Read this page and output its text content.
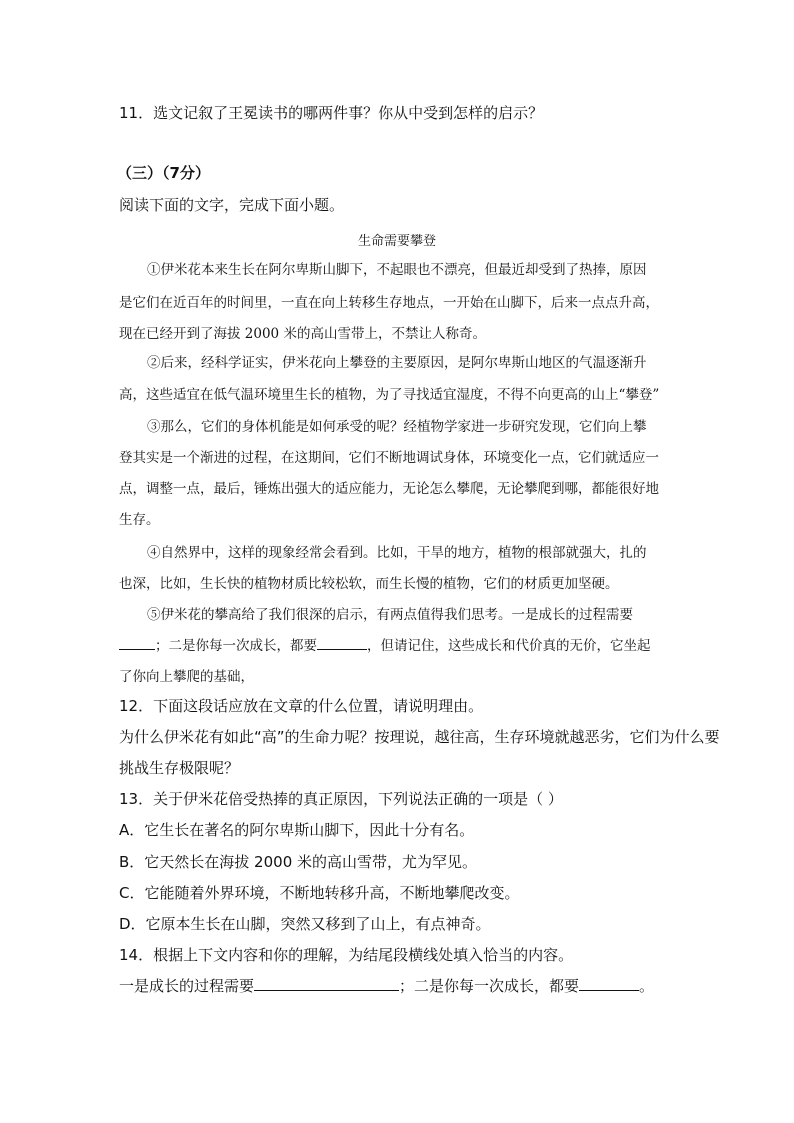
11．选文记叙了王冕读书的哪两件事？你从中受到怎样的启示？
（三）（7分）
阅读下面的文字，完成下面小题。
生命需要攀登
①伊米花本来生长在阿尔卑斯山脚下，不起眼也不漂亮，但最近却受到了热捧，原因
是它们在近百年的时间里，一直在向上转移生存地点，一开始在山脚下，后来一点点升高，
现在已经开到了海拔 2000 米的高山雪带上，不禁让人称奇。
②后来，经科学证实，伊米花向上攀登的主要原因，是阿尔卑斯山地区的气温逐渐升
高，这些适宜在低气温环境里生长的植物，为了寻找适宜湿度，不得不向更高的山上“攀登”
③那么，它们的身体机能是如何承受的呢？经植物学家进一步研究发现，它们向上攀
登其实是一个渐进的过程，在这期间，它们不断地调试身体，环境变化一点，它们就适应一
点，调整一点，最后，锤炼出强大的适应能力，无论怎么攀爬，无论攀爬到哪，都能很好地
生存。
④自然界中，这样的现象经常会看到。比如，干旱的地方，植物的根部就强大，扎的
也深，比如，生长快的植物材质比较松软，而生长慢的植物，它们的材质更加坚硬。
⑤伊米花的攀高给了我们很深的启示，有两点值得我们思考。一是成长的过程需要
；二是你每一次成长，都要	，但请记住，这些成长和代价真的无价，它坐起
了你向上攀爬的基础，
12．下面这段话应放在文章的什么位置，请说明理由。
为什么伊米花有如此“高”的生命力呢？按理说，越往高，生存环境就越恶劣，它们为什么要
挑战生存极限呢？
13．关于伊米花倍受热捧的真正原因，下列说法正确的一项是（ ）
A．它生长在著名的阿尔卑斯山脚下，因此十分有名。
B．它天然长在海拔 2000 米的高山雪带，尤为罕见。
C．它能随着外界环境，不断地转移升高，不断地攀爬改变。
D．它原本生长在山脚，突然又移到了山上，有点神奇。
14．根据上下文内容和你的理解，为结尾段横线处填入恰当的内容。
一是成长的过程需要	；二是你每一次成长，都要	。
